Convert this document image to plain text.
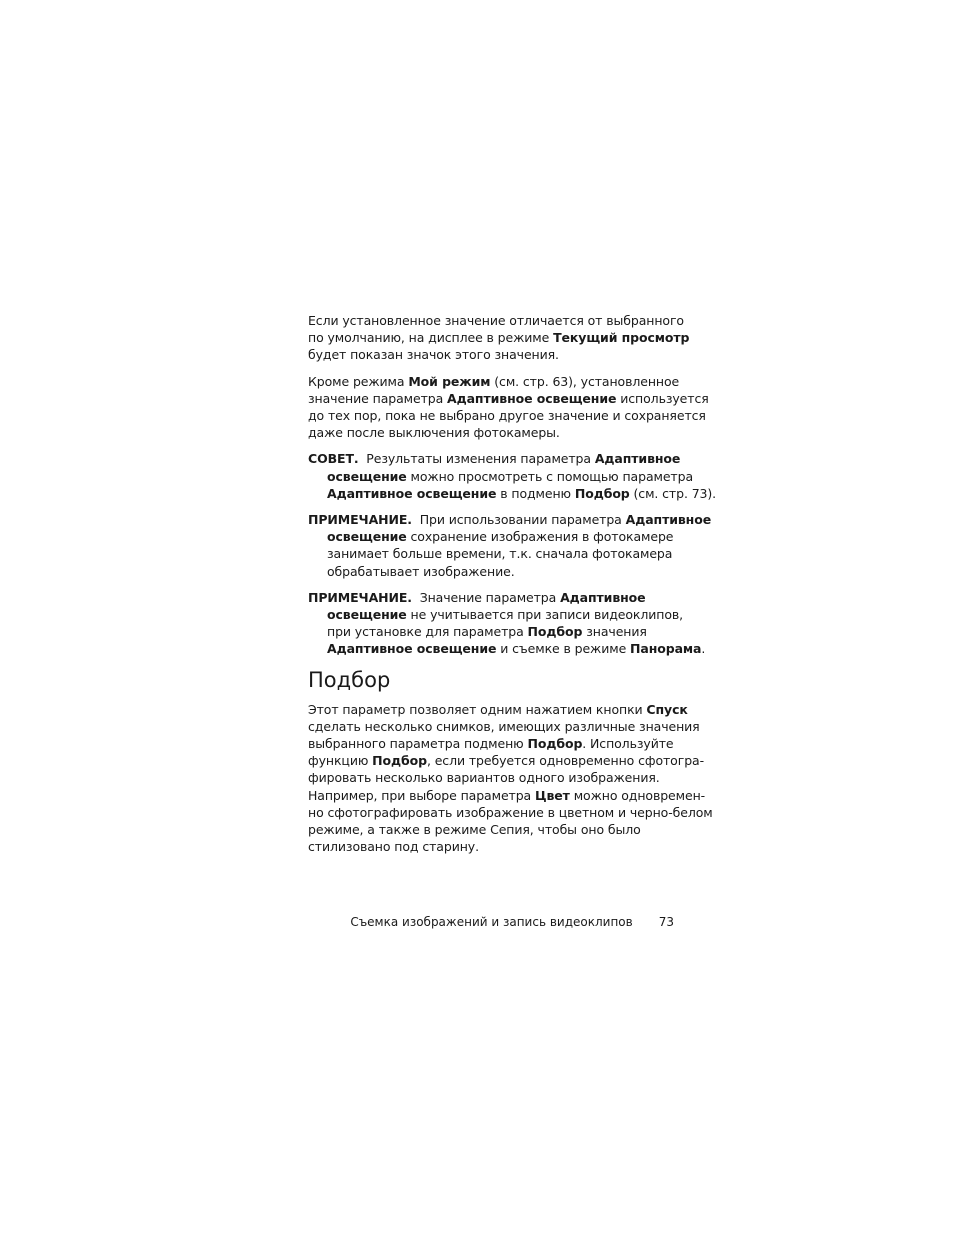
Если установленное значение отличается от выбранного
по умолчанию, на дисплее в режиме Текущий просмотр
будет показан значок этого значения.

Кроме режима Мой режим (см. стр. 63), установленное
значение параметра Адаптивное освещение используется
до тех пор, пока не выбрано другое значение и сохраняется
даже после выключения фотокамеры.

СОВЕТ.  Результаты изменения параметра Адаптивное
освещение можно просмотреть с помощью параметра
Адаптивное освещение в подменю Подбор (см. стр. 73).
ПРИМЕЧАНИЕ.  При использовании параметра Адаптивное
освещение сохранение изображения в фотокамере
занимает больше времени, т.к. сначала фотокамера
обрабатывает изображение.
ПРИМЕЧАНИЕ.  Значение параметра Адаптивное
освещение не учитывается при записи видеоклипов,
при установке для параметра Подбор значения
Адаптивное освещение и съемке в режиме Панорама.
Подбор

Этот параметр позволяет одним нажатием кнопки Спуск
сделать несколько снимков, имеющих различные значения
выбранного параметра подменю Подбор. Используйте
функцию Подбор, если требуется одновременно сфотогра-
фировать несколько вариантов одного изображения.
Например, при выборе параметра Цвет можно одновремен-
но сфотографировать изображение в цветном и черно-белом
режиме, а также в режиме Сепия, чтобы оно было
стилизовано под старину.

Съемка изображений и запись видеоклипов 73
